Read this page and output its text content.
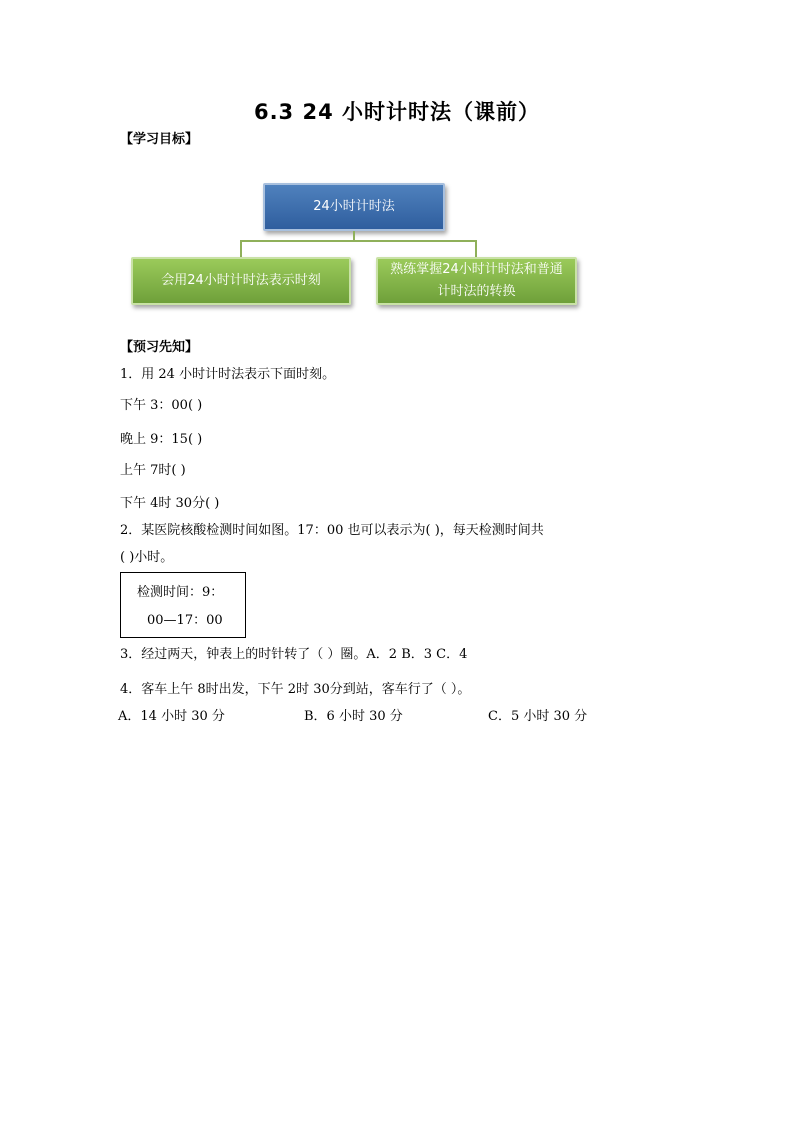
6.3 24 小时计时法（课前）
【学习目标】
24小时计时法
会用24小时计时法表示时刻
熟练掌握24小时计时法和普通
计时法的转换
【预习先知】
1．用 24 小时计时法表示下面时刻。
下午 3：00( )
晚上 9：15( )
上午 7时( )
下午 4时 30分( )
2．某医院核酸检测时间如图。17：00 也可以表示为( )，每天检测时间共
( )小时。
检测时间：9：
00—17：00
3．经过两天，钟表上的时针转了（ ）圈。A．2 B．3 C．4
4．客车上午 8时出发，下午 2时 30分到站，客车行了（ ）。
A．14 小时 30 分	B．6 小时 30 分	C．5 小时 30 分
